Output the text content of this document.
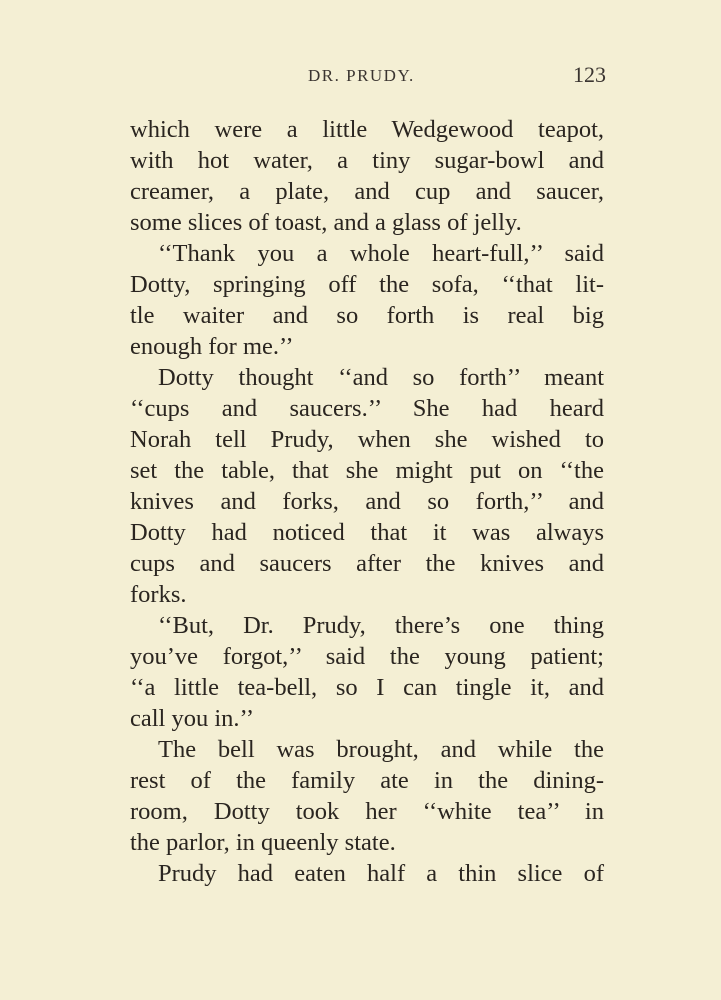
DR. PRUDY.	123
which were a little Wedgewood teapot,
with hot water, a tiny sugar-bowl and
creamer, a plate, and cup and saucer,
some slices of toast, and a glass of jelly.
‘‘Thank you a whole heart-full,’’ said
Dotty, springing off the sofa, ‘‘that lit-
tle waiter and so forth is real big
enough for me.’’
Dotty thought ‘‘and so forth’’ meant
‘‘cups and saucers.’’ She had heard
Norah tell Prudy, when she wished to
set the table, that she might put on ‘‘the
knives and forks, and so forth,’’ and
Dotty had noticed that it was always
cups and saucers after the knives and
forks.
‘‘But, Dr. Prudy, there’s one thing
you’ve forgot,’’ said the young patient;
‘‘a little tea-bell, so I can tingle it, and
call you in.’’
The bell was brought, and while the
rest of the family ate in the dining-
room, Dotty took her ‘‘white tea’’ in
the parlor, in queenly state.
Prudy had eaten half a thin slice of
